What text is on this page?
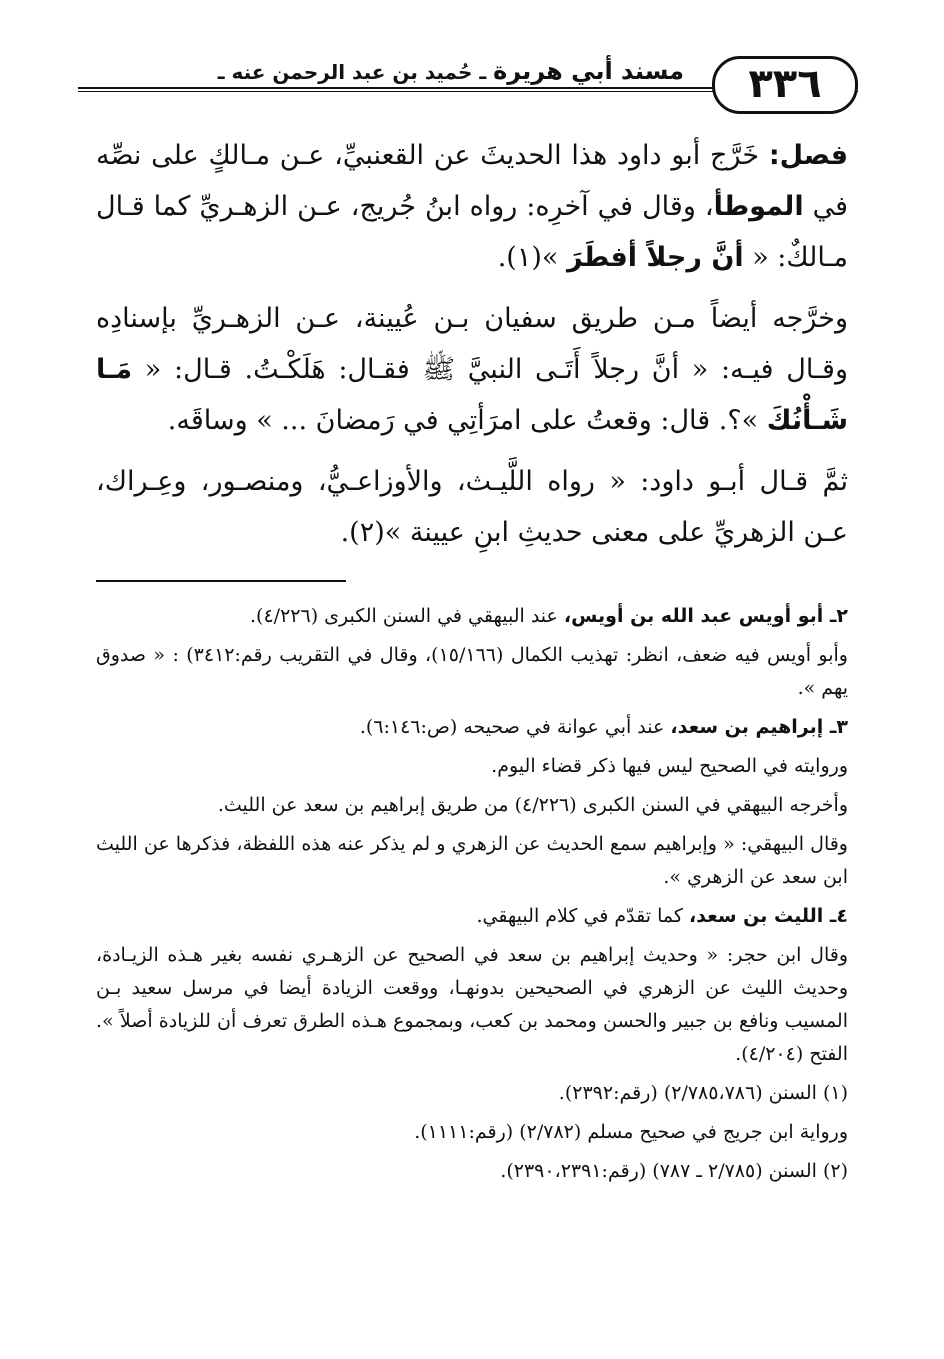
٣٣٦
مسند أبي هريرة ـ حُميد بن عبد الرحمن عنه ـ

فصل: خَرَّج أبو داود هذا الحديثَ عن القعنبيِّ، عـن مـالكٍ على نصِّه في الموطأ، وقال في آخرِه: رواه ابنُ جُريج، عـن الزهـريِّ كما قـال مـالكٌ: « أنَّ رجلاً أفطَرَ »(١).

وخرَّجه أيضاً مـن طريق سفيان بـن عُيينة، عـن الزهـريِّ بإسنادِه وقـال فيـه: « أنَّ رجلاً أَتَـى النبيَّ ﷺ فقـال: هَلَكْـتُ. قـال: « مَـا شَـأْنُكَ »؟. قال: وقعتُ على امرَأتِي في رَمضانَ ... » وساقَه.

ثمَّ قـال أبـو داود: « رواه اللَّيـث، والأوزاعـيُّ، ومنصـور، وعِـراك، عـن الزهريِّ على معنى حديثِ ابنِ عيينة »(٢).

٢ـ أبو أويس عبد الله بن أويس، عند البيهقي في السنن الكبرى (٤/٢٢٦).

وأبو أويس فيه ضعف، انظر: تهذيب الكمال (١٥/١٦٦)، وقال في التقريب رقم:٣٤١٢) : « صدوق يهم ».

٣ـ إبراهيم بن سعد، عند أبي عوانة في صحيحه (ص:٦:١٤٦).

وروايته في الصحيح ليس فيها ذكر قضاء اليوم.

وأخرجه البيهقي في السنن الكبرى (٤/٢٢٦) من طريق إبراهيم بن سعد عن الليث.

وقال البيهقي: « وإبراهيم سمع الحديث عن الزهري و لم يذكر عنه هذه اللفظة، فذكرها عن الليث ابن سعد عن الزهري ».

٤ـ الليث بن سعد، كما تقدّم في كلام البيهقي.

وقال ابن حجر: « وحديث إبراهيم بن سعد في الصحيح عن الزهـري نفسه بغير هـذه الزيـادة، وحديث الليث عن الزهري في الصحيحين بدونهـا، ووقعت الزيادة أيضا في مرسل سعيد بـن المسيب ونافع بن جبير والحسن ومحمد بن كعب، وبمجموع هـذه الطرق تعرف أن للزيادة أصلاً ». الفتح (٤/٢٠٤).

(١) السنن (٢/٧٨٥،٧٨٦) (رقم:٢٣٩٢).

ورواية ابن جريج في صحيح مسلم (٢/٧٨٢) (رقم:١١١١).

(٢) السنن (٢/٧٨٥ ـ ٧٨٧) (رقم:٢٣٩٠،٢٣٩١).
